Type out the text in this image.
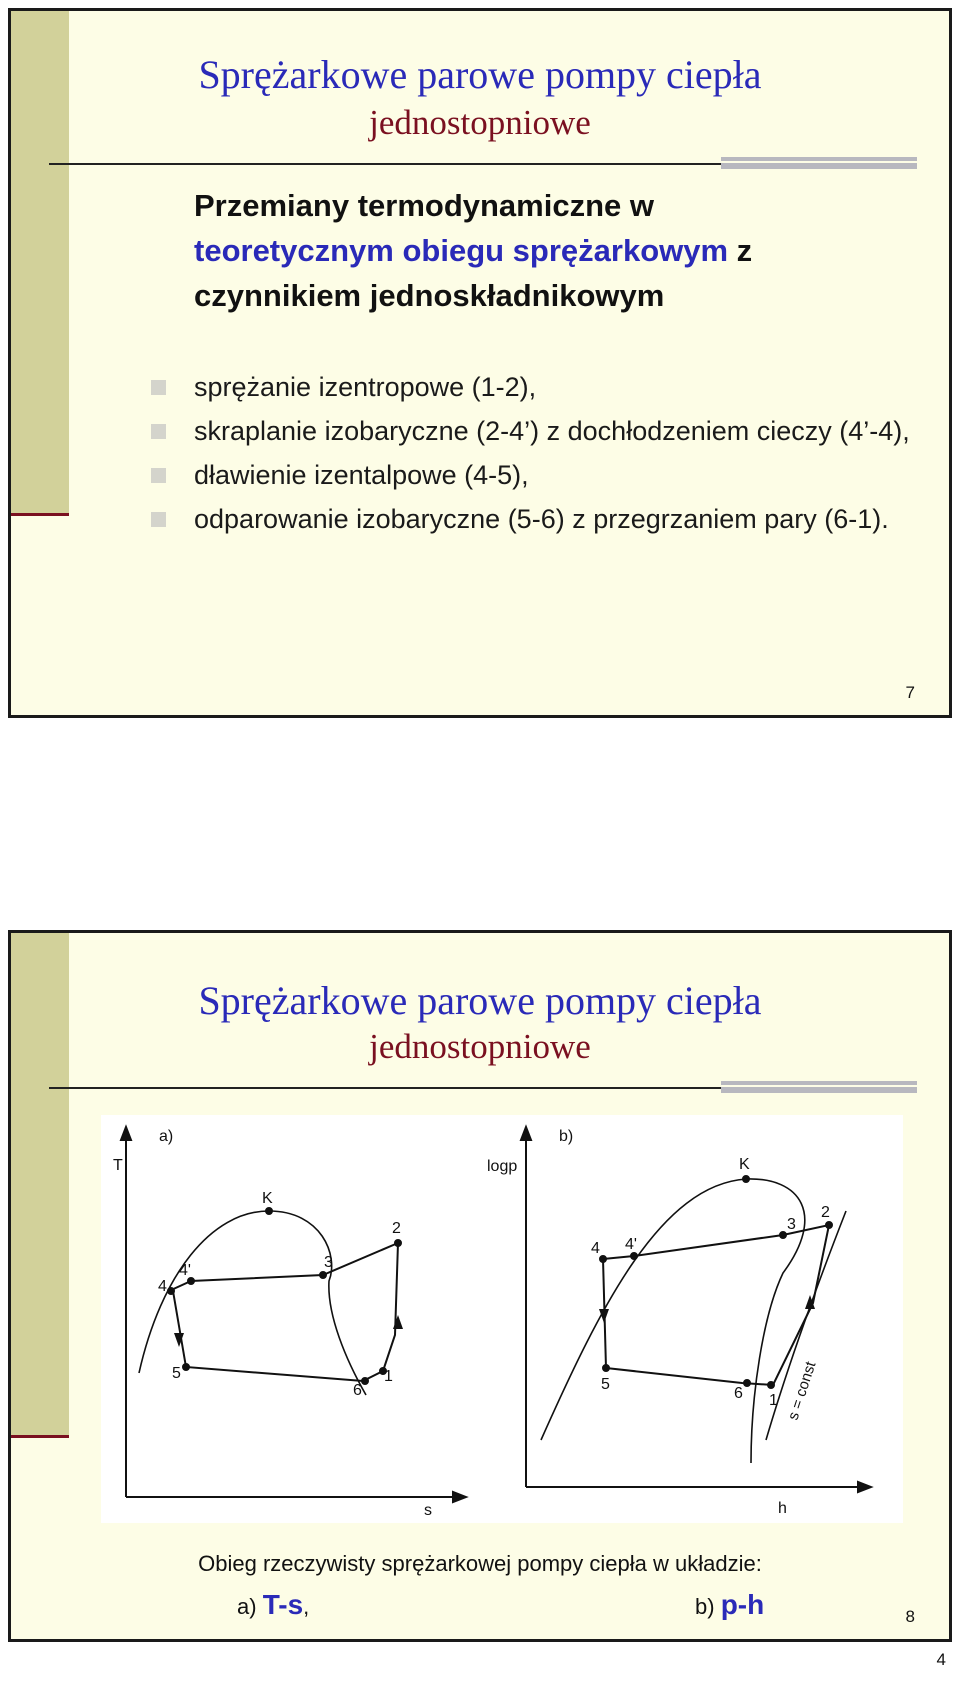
Sprężarkowe parowe pompy ciepła
jednostopniowe
Przemiany termodynamiczne w
teoretycznym obiegu sprężarkowym z
czynnikiem jednoskładnikowym
sprężanie izentropowe (1-2),
skraplanie izobaryczne (2-4’) z dochłodzeniem cieczy (4’-4),
dławienie izentalpowe (4-5),
odparowanie izobaryczne (5-6) z przegrzaniem pary (6-1).
7
Sprężarkowe parowe pompy ciepła
jednostopniowe
T
s
a)
K
2
3
4'
4
5
6
1
logp
h
b)
K
3
2
4 4'
5
6 1 s = const
Obieg rzeczywisty sprężarkowej pompy ciepła w układzie:
a) T-s,	b) p-h	8
4
